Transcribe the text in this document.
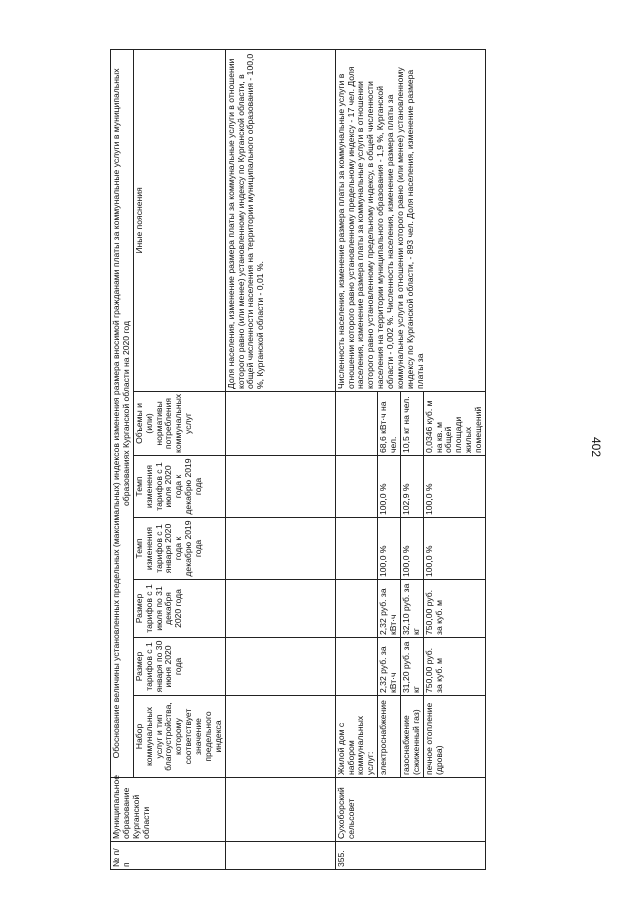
402
№ п/п	Муниципальное образование Курганской области	Обоснование величины установленных предельных (максимальных) индексов изменения размера вносимой гражданами платы за коммунальные услуги в муниципальных образованиях Курганской области на 2020 год						
		Набор коммунальных услуг и тип благоустройства, которому соответствует значение предельного индекса	Размер тарифов с 1 января по 30 июня 2020 года	Размер тарифов с 1 июля по 31 декабря 2020 года	Темп изменения тарифов с 1 января 2020 года к декабрю 2019 года	Темп изменения тарифов с 1 июля 2020 года к декабрю 2019 года	Объемы и (или) нормативы потребления коммунальных услуг	Иные пояснения
								Доля населения, изменение размера платы за коммунальные услуги в отношении которого равно (или менее) установленному индексу по Курганской области, в общей численности населения на территории муниципального образования - 100,0 %, Курганской области - 0,01 %.
355.	Сухоборский сельсовет	Жилой дом с набором коммунальных услуг:						Численность населения, изменение размера платы за коммунальные услуги в отношении которого равно установленному предельному индексу - 17 чел. Доля населения, изменение размера платы за коммунальные услуги в отношении которого равно установленному предельному индексу, в общей численности населения на территории муниципального образования - 1,9 %, Курганской области - 0,002 %. Численность населения, изменение размера платы за коммунальные услуги в отношении которого равно (или менее) установленному индексу по Курганской области, - 893 чел. Доля населения, изменение размера платы за
		электроснабжение	2,32 руб. за кВт·ч	2,32 руб. за кВт·ч	100,0 %	100,0 %	68,6 кВт·ч на чел.	
		газоснабжение (сжиженный газ)	31,20 руб. за кг	32,10 руб. за кг	100,0 %	102,9 %	10,5 кг на чел.	
		печное отопление (дрова)	750,00 руб. за куб. м	750,00 руб. за куб. м	100,0 %	100,0 %	0,0346 куб. м на кв. м общей площади жилых помещений	
